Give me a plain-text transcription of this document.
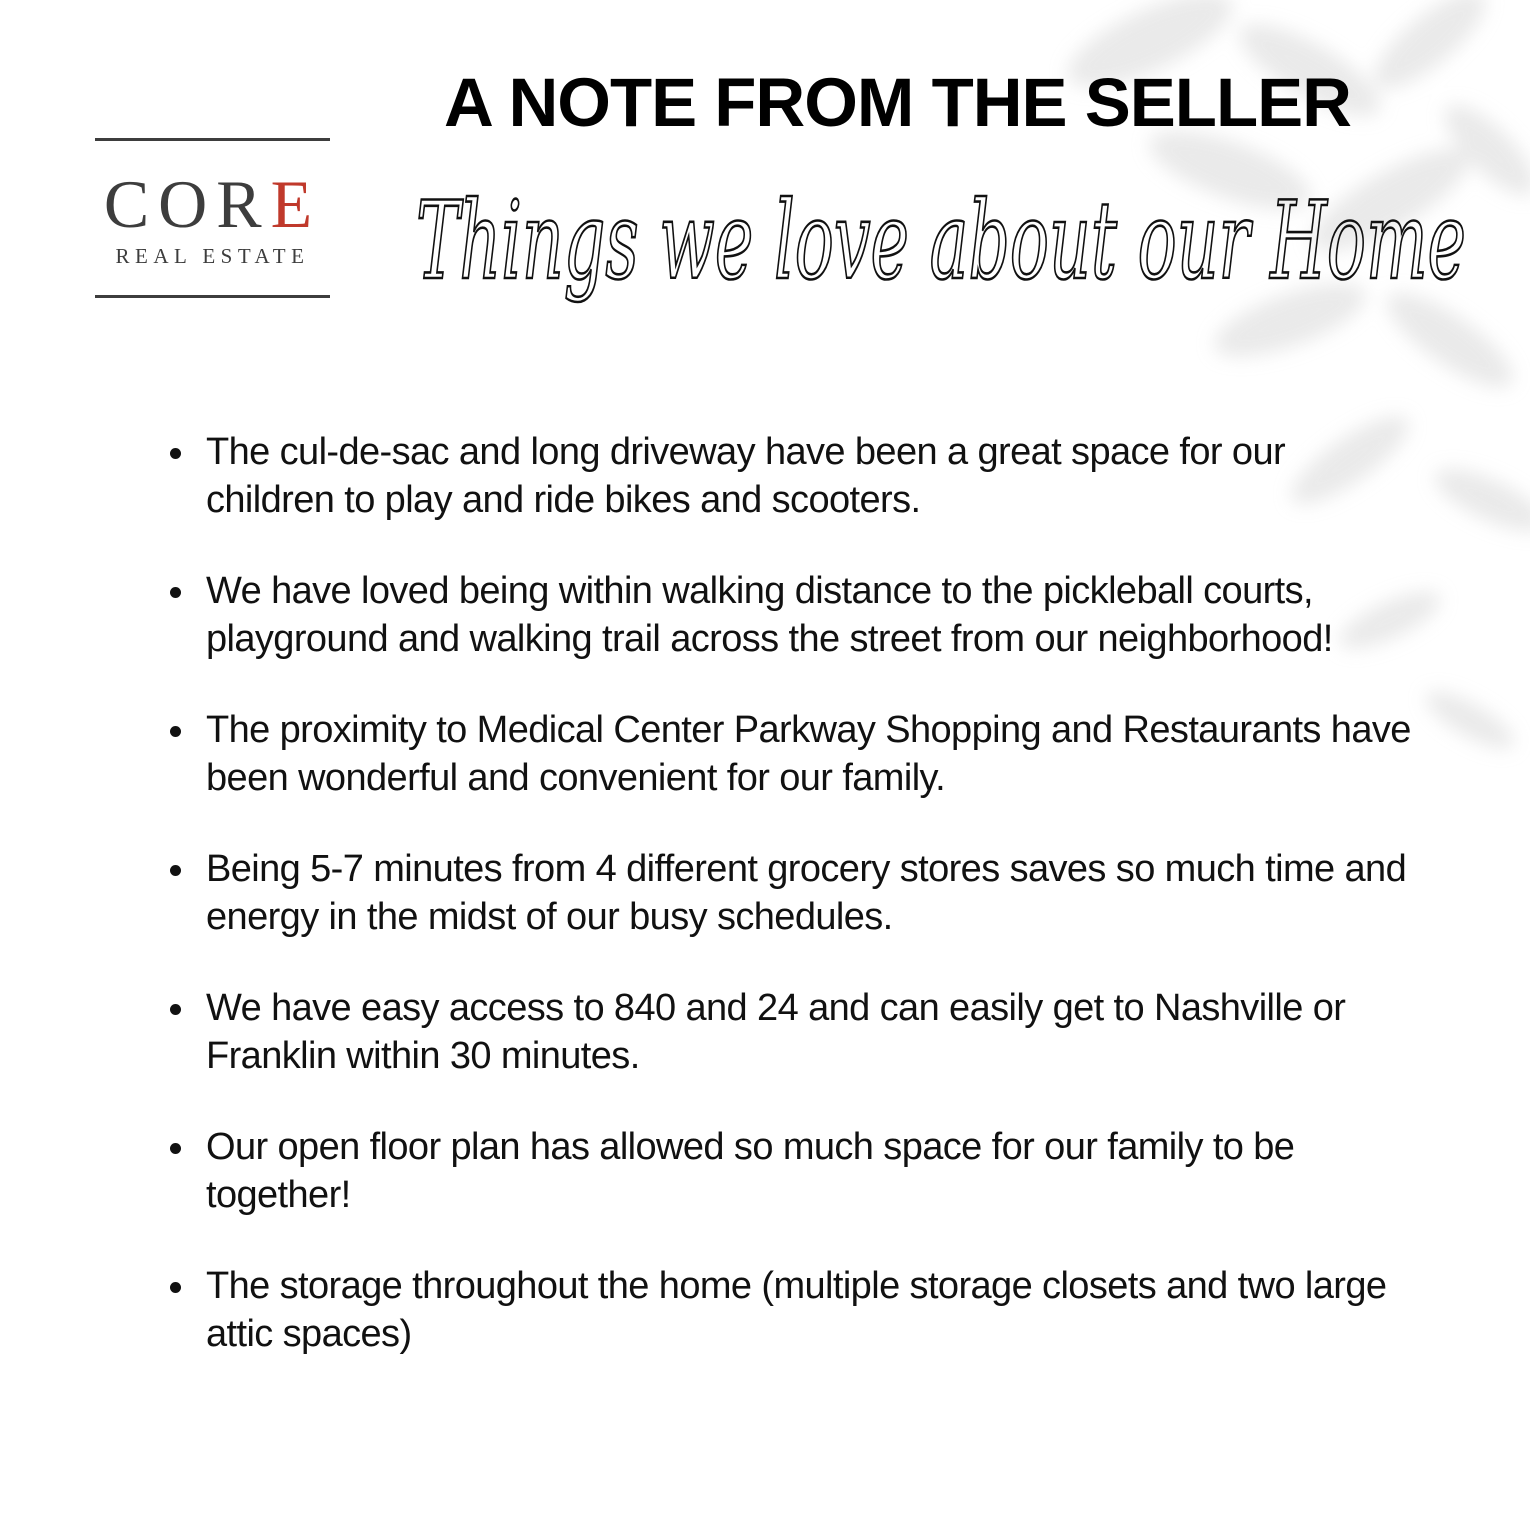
CORE
REAL ESTATE
A NOTE FROM THE SELLER
Things we love about our Home
The cul-de-sac and long driveway have been a great space for our children to play and ride bikes and scooters.
We have loved being within walking distance to the pickleball courts, playground and walking trail across the street from our neighborhood!
The proximity to Medical Center Parkway Shopping and Restaurants have been wonderful and convenient for our family.
Being 5-7 minutes from 4 different grocery stores saves so much time and energy in the midst of our busy schedules.
We have easy access to 840 and 24 and can easily get to Nashville or Franklin within 30 minutes.
Our open floor plan has allowed so much space for our family to be together!
The storage throughout the home (multiple storage closets and two large attic spaces)
